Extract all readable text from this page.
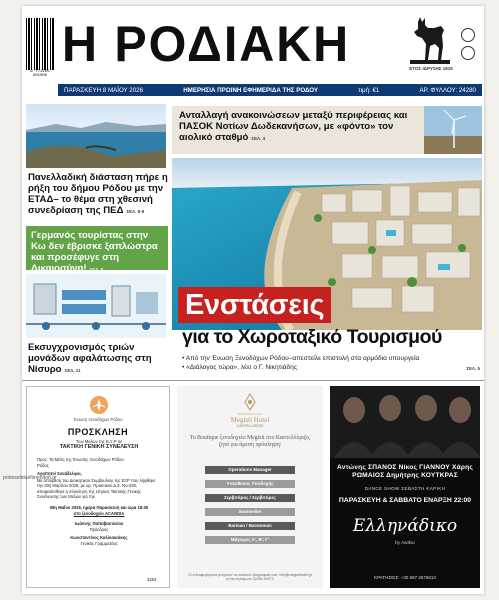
9 771105 201005
Η ΡΟΔΙΑΚΗ	ΕΤΟΣ ΙΔΡΥΣΗΣ 1915
ΠΑΡΑΣΚΕΥΗ 8 ΜΑΪΟΥ 2026	ΗΜΕΡΗΣΙΑ ΠΡΩΙΝΗ ΕΦΗΜΕΡΙΔΑ ΤΗΣ ΡΟΔΟΥ	τιμή: €1	ΑΡ. ΦΥΛΛΟΥ: 24280
Πανελλαδική διάσταση πήρε η ρήξη του δήμου Ρόδου με την ΕΤΑΔ– το θέμα στη χθεσινή συνεδρίαση της ΠΕΔ ΣΕΛ. 8-9
Γερμανός τουρίστας στην Κω δεν έβρισκε ξαπλώστρα και προσέφυγε στη Δικαιοσύνη! ΣΕΛ. 9
Εκσυγχρονισμός τριών μονάδων αφαλάτωσης στη Νίσυρο ΣΕΛ. 11
Ανταλλαγή ανακοινώσεων μεταξύ περιφέρειας και ΠΑΣΟΚ Νοτίων Δωδεκανήσων, με «φόντο» τον αιολικό σταθμό ΣΕΛ. 4
Ενστάσεις
για το Χωροταξικό Τουρισμού
• Από την Ένωση Ξενοδόχων Ρόδου–απεστείλε επιστολή στα αρμόδια υπουργεία
• «Διάλογος τώρα», λέει ο Γ. Νικητιάδης	ΣΕΛ. 5
Ένωση Ξενοδόχων Ρόδου
ΠΡΟΣΚΛΗΣΗ
Των Μελών της Ε.Ξ.Ρ σε
ΤΑΚΤΙΚΗ ΓΕΝΙΚΗ ΣΥΝΕΛΕΥΣΗ
Προς: Τα Μέλη της Ένωσης Ξενοδόχων Ρόδου
Ρόδος
Αγαπητοί Συνάδελφοι,
Με απόφαση του Διοικητικού Συμβουλίου της ΕΞΡ που λήφθηκε την 30ή Μαρτίου 2026, με αρ. Πρακτικού Δ.Σ. Νο-330, αποφασίσθηκε η σύγκληση της ετήσιας Τακτικής Γενικής Συνέλευσης των Μελών για την
08η Μαΐου 2026, ημέρα Παρασκευή και ώρα 18:00
στο ξενοδοχείο ACANDIA
Ιωάννης Παπαβασιλείου
Πρόεδρος
Κωνσταντίνος Καλλιαισάκης
Γενικός Γραμματέας
3253
Megisti Hotel
CASTELLORIZO
Το Boutique ξενοδοχείο Megisti στο Καστελλόριζο, ζητά για άμεση πρόσληψη:
Operations Manager
Υπεύθυνος Υποδοχής
Σερβιτόρος / Σερβιτόρες
Sommelier
Barman / Barwoman
Μάγειρες Α', Β', Γ'
Οι ενδιαφερόμενοι μπορούν να στείλουν βιογραφικό στο: info@megistihotel.gr ή στο τηλέφωνο 22460 49272
Αντώνης ΣΠΑΝΟΣ Νίκος ΓΙΑΝΝΟΥ Χάρης ΡΩΜΑΙΟΣ Δημήτρης ΚΟΥΤΚΡΑΣ
DANCE SHOW ΣΕΒΑΣΤΗ ΚΑΡΙΚΗ
ΠΑΡΑΣΚΕΥΗ & ΣΑΒΒΑΤΟ ΕΝΑΡΞΗ 22:00
Ελληνάδικο
by Ακαΐου
ΚΡΑΤΗΣΕΙΣ: +30 697 2576613
protoselidaefimeridon.gr
